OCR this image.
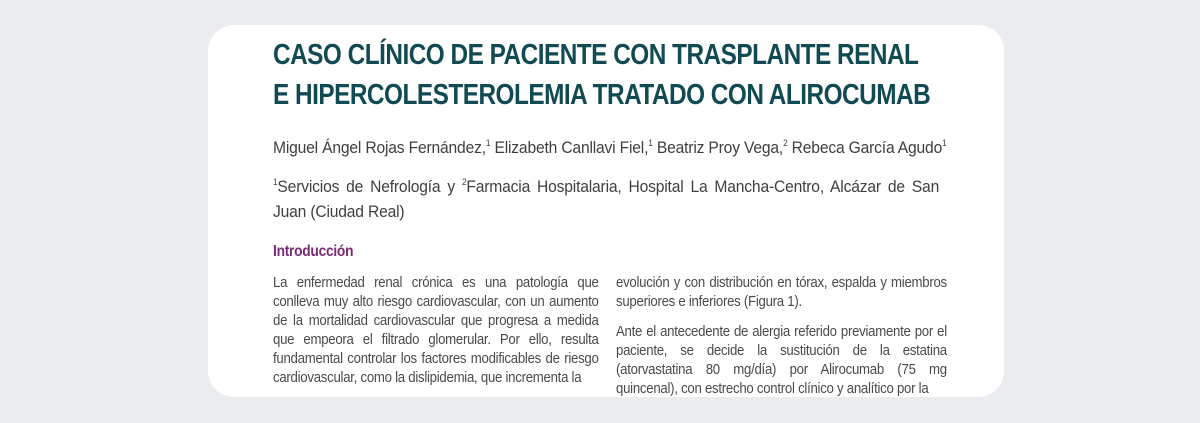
CASO CLÍNICO DE PACIENTE CON TRASPLANTE RENAL
E HIPERCOLESTEROLEMIA TRATADO CON ALIROCUMAB
Miguel Ángel Rojas Fernández,$^1$ Elizabeth Canllavi Fiel,$^1$ Beatriz Proy Vega,$^2$ Rebeca García Agudo$^1$
$^1$Servicios de Nefrología y $^2$Farmacia Hospitalaria, Hospital La Mancha-Centro, Alcázar de San Juan (Ciudad Real)
Introducción

La enfermedad renal crónica es una patología que conlleva muy alto riesgo cardiovascular, con un aumento de la mortalidad cardiovascular que progresa a medida que empeora el filtrado glomerular. Por ello, resulta fundamental controlar los factores modificables de riesgo cardiovascular, como la dislipidemia, que incrementa la

evolución y con distribución en tórax, espalda y miembros superiores e inferiores (Figura 1).

Ante el antecedente de alergia referido previamente por el paciente, se decide la sustitución de la estatina (atorvastatina 80 mg/día) por Alirocumab (75 mg quincenal), con estrecho control clínico y analítico por la
